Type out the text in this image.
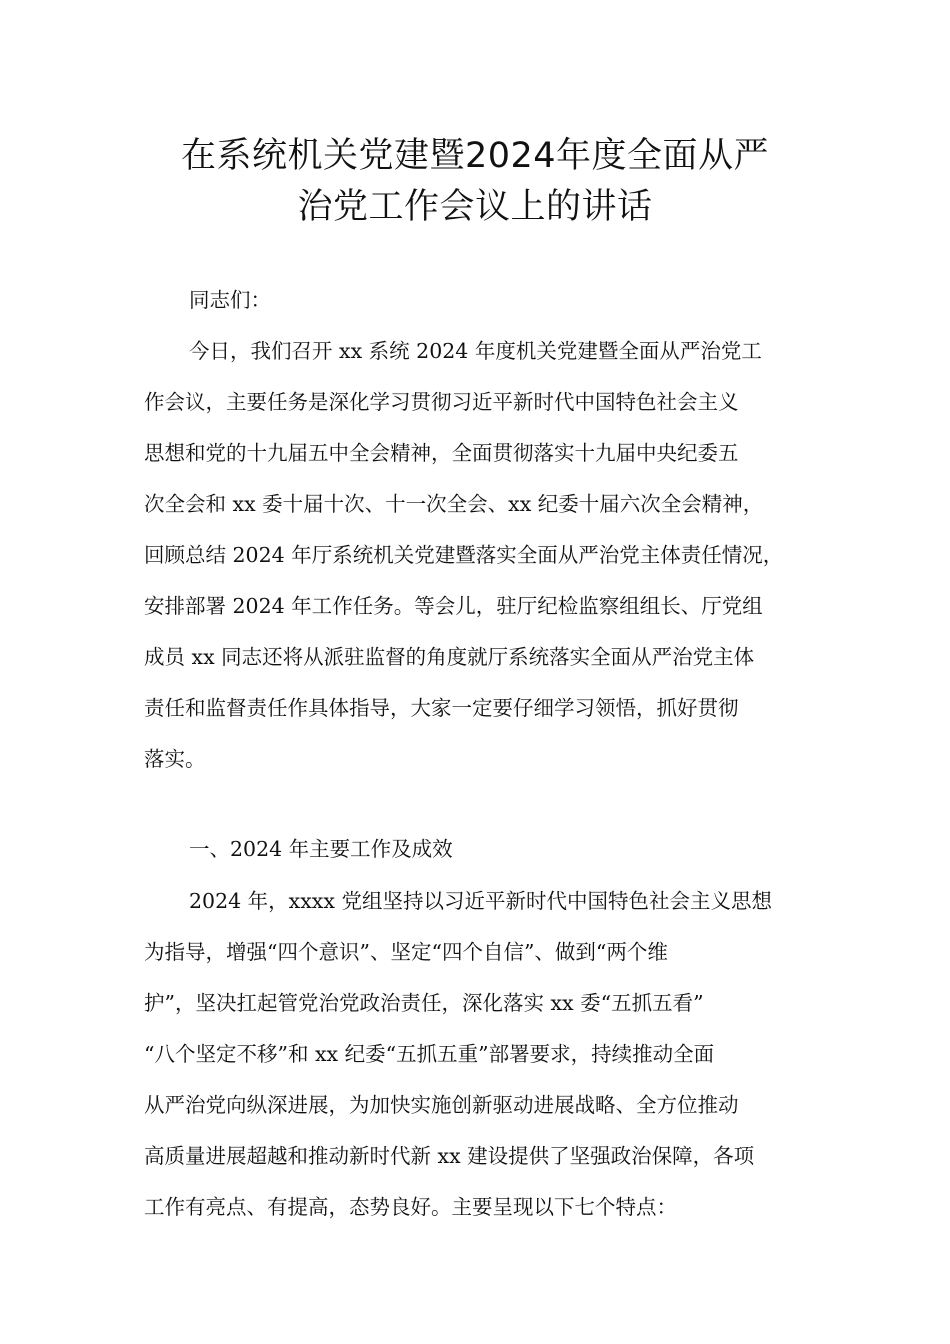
在系统机关党建暨2024年度全面从严
治党工作会议上的讲话
同志们：
今日，我们召开 xx 系统 2024 年度机关党建暨全面从严治党工
作会议，主要任务是深化学习贯彻习近平新时代中国特色社会主义
思想和党的十九届五中全会精神，全面贯彻落实十九届中央纪委五
次全会和 xx 委十届十次、十一次全会、xx 纪委十届六次全会精神，
回顾总结 2024 年厅系统机关党建暨落实全面从严治党主体责任情况，
安排部署 2024 年工作任务。等会儿，驻厅纪检监察组组长、厅党组
成员 xx 同志还将从派驻监督的角度就厅系统落实全面从严治党主体
责任和监督责任作具体指导，大家一定要仔细学习领悟，抓好贯彻
落实。
一、2024 年主要工作及成效
2024 年，xxxx 党组坚持以习近平新时代中国特色社会主义思想
为指导，增强“四个意识”、坚定“四个自信”、做到“两个维
护”，坚决扛起管党治党政治责任，深化落实 xx 委“五抓五看”
“八个坚定不移”和 xx 纪委“五抓五重”部署要求，持续推动全面
从严治党向纵深进展，为加快实施创新驱动进展战略、全方位推动
高质量进展超越和推动新时代新 xx 建设提供了坚强政治保障，各项
工作有亮点、有提高，态势良好。主要呈现以下七个特点：
